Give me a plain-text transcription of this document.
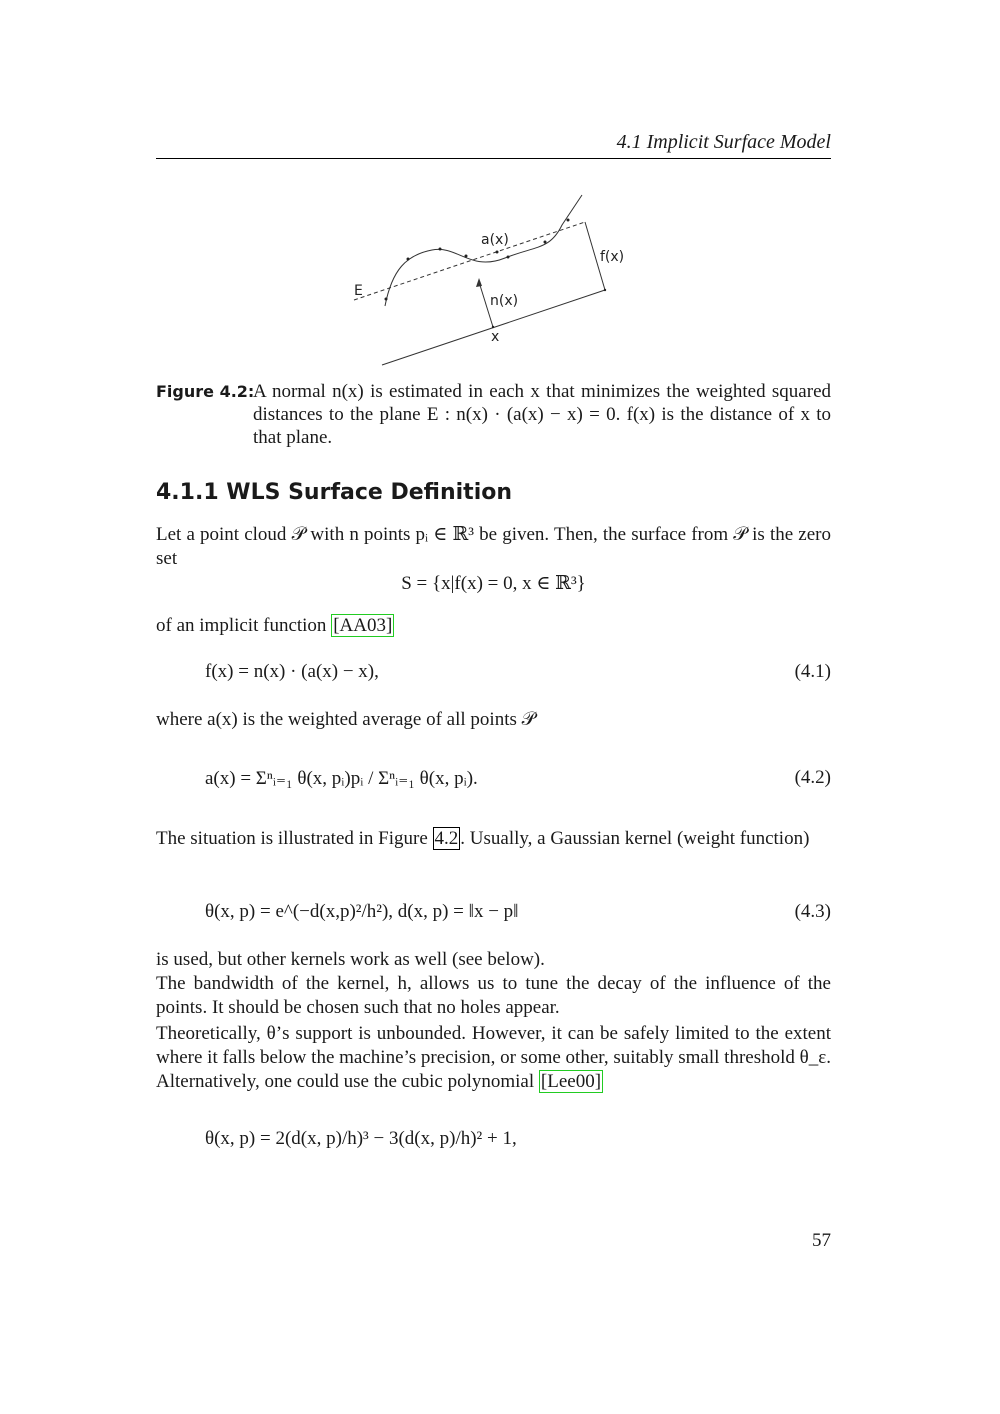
4.1 Implicit Surface Model
a(x)
f(x)
E
n(x)
x
Figure 4.2:
A normal n(x) is estimated in each x that minimizes the weighted squared distances to the plane E : n(x) · (a(x) − x) = 0. f(x) is the distance of x to that plane.
4.1.1 WLS Surface Definition
Let a point cloud 𝒫 with n points pᵢ ∈ ℝ³ be given. Then, the surface from 𝒫 is the zero set
S = {x|f(x) = 0, x ∈ ℝ³}
of an implicit function [AA03]
f(x) = n(x) · (a(x) − x),	(4.1)
where a(x) is the weighted average of all points 𝒫
a(x) = Σⁿᵢ₌₁ θ(x, pᵢ)pᵢ / Σⁿᵢ₌₁ θ(x, pᵢ).	(4.2)
The situation is illustrated in Figure 4.2 . Usually, a Gaussian kernel (weight function)
θ(x, p) = e^(−d(x,p)²/h²), d(x, p) = ‖x − p‖	(4.3)
is used, but other kernels work as well (see below).
The bandwidth of the kernel, h, allows us to tune the decay of the influence of the points. It should be chosen such that no holes appear.
Theoretically, θ’s support is unbounded. However, it can be safely limited to the extent where it falls below the machine’s precision, or some other, suitably small threshold θ_ε. Alternatively, one could use the cubic polynomial [Lee00]
θ(x, p) = 2(d(x, p)/h)³ − 3(d(x, p)/h)² + 1,
57
